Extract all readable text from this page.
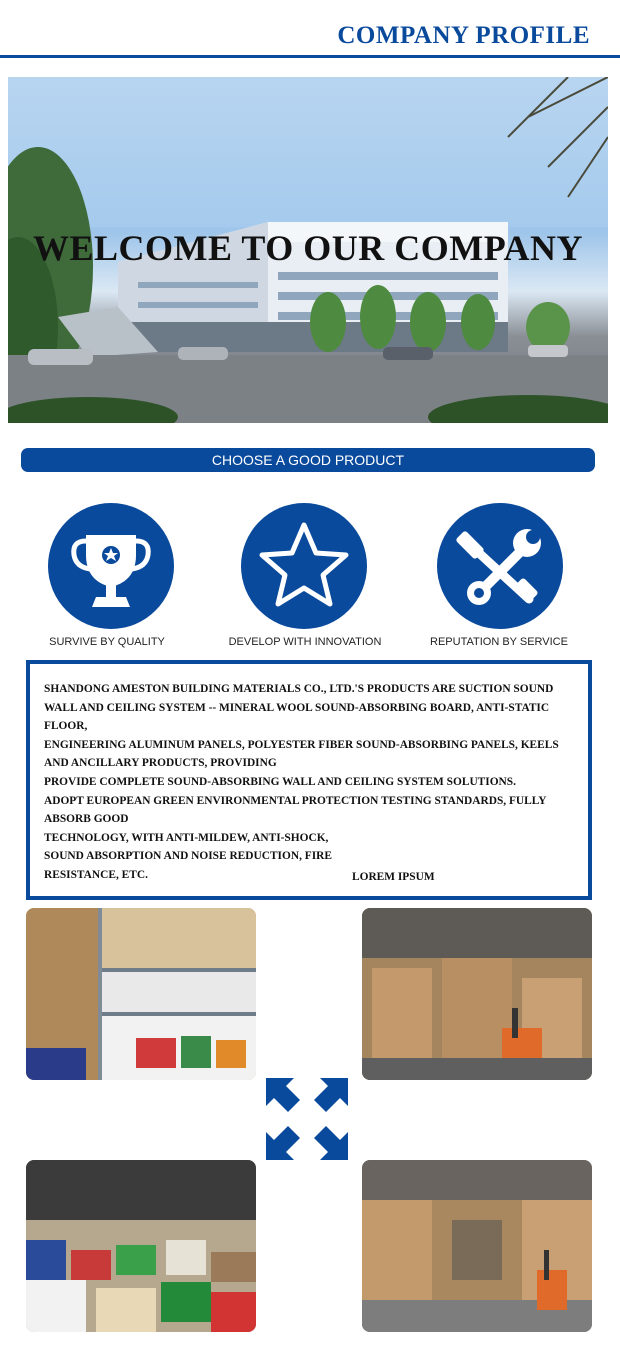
COMPANY PROFILE
WELCOME TO OUR COMPANY
CHOOSE A GOOD PRODUCT
SURVIVE BY QUALITY	DEVELOP WITH INNOVATION	REPUTATION BY SERVICE
SHANDONG AMESTON BUILDING MATERIALS CO., LTD.'S PRODUCTS ARE SUCTION SOUND WALL AND CEILING SYSTEM -- MINERAL WOOL SOUND-ABSORBING BOARD, ANTI-STATIC FLOOR,
ENGINEERING ALUMINUM PANELS, POLYESTER FIBER SOUND-ABSORBING PANELS, KEELS AND ANCILLARY PRODUCTS, PROVIDING
PROVIDE COMPLETE SOUND-ABSORBING WALL AND CEILING SYSTEM SOLUTIONS.
ADOPT EUROPEAN GREEN ENVIRONMENTAL PROTECTION TESTING STANDARDS, FULLY ABSORB GOOD
TECHNOLOGY, WITH ANTI-MILDEW, ANTI-SHOCK, SOUND ABSORPTION AND NOISE REDUCTION, FIRE RESISTANCE, ETC.	LOREM IPSUM
